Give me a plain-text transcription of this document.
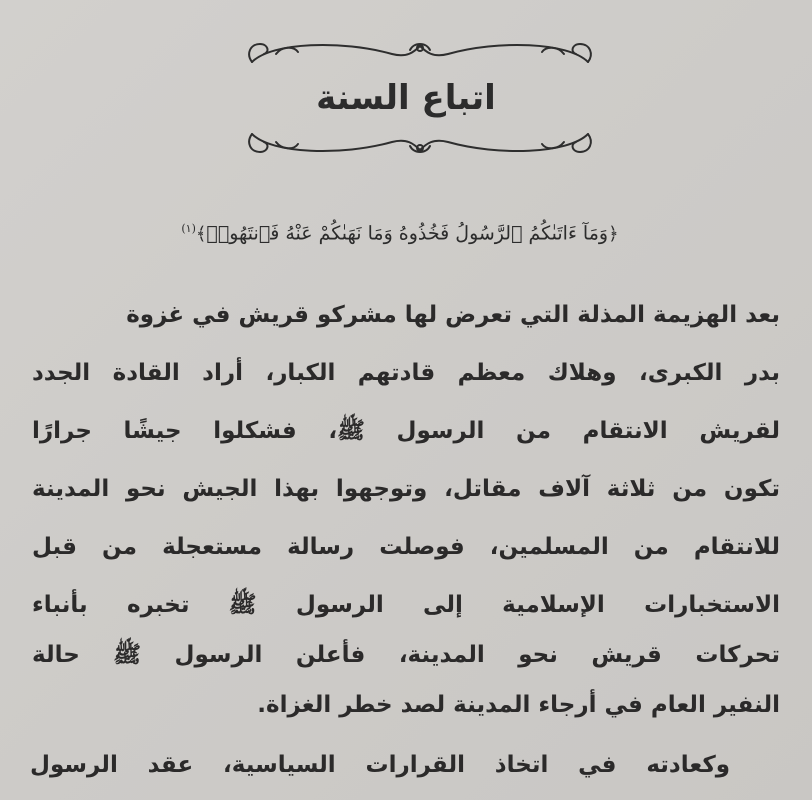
اتباع السنة
﴿وَمَآ ءَاتَىٰكُمُ ٱلرَّسُولُ فَخُذُوهُ وَمَا نَهَىٰكُمْ عَنْهُ فَٱنتَهُوا۟﴾$^{(١)}$
بعد الهزيمة المذلة التي تعرض لها مشركو قريش في غزوة
بدر الكبرى، وهلاك معظم قادتهم الكبار، أراد القادة الجدد
لقريش الانتقام من الرسول ﷺ، فشكلوا جيشًا جرارًا
تكون من ثلاثة آلاف مقاتل، وتوجهوا بهذا الجيش نحو المدينة
للانتقام من المسلمين، فوصلت رسالة مستعجلة من قبل
الاستخبارات الإسلامية إلى الرسول ﷺ تخبره بأنباء
تحركات قريش نحو المدينة، فأعلن الرسول ﷺ حالة
النفير العام في أرجاء المدينة لصد خطر الغزاة.
وكعادته في اتخاذ القرارات السياسية، عقد الرسول
